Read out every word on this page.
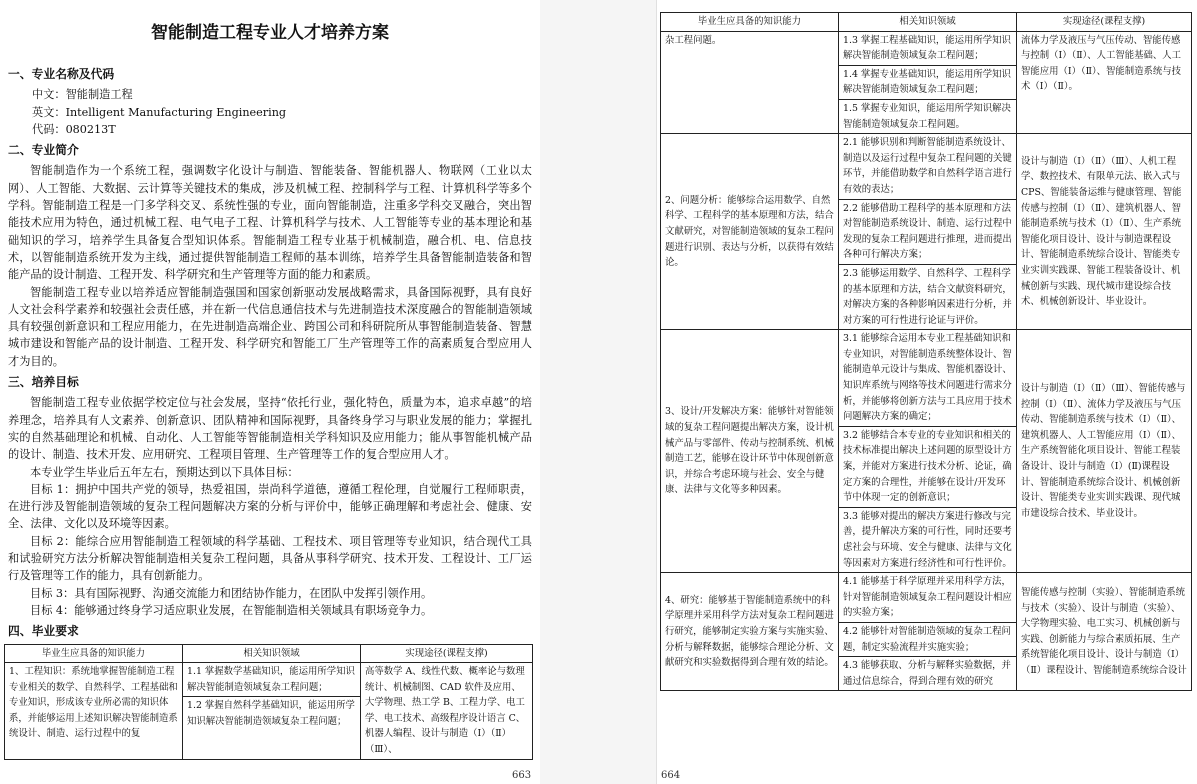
智能制造工程专业人才培养方案
一、专业名称及代码

中文：智能制造工程

英文：Intelligent Manufacturing Engineering

代码：080213T

二、专业简介

智能制造作为一个系统工程，强调数字化设计与制造、智能装备、智能机器人、物联网（工业以太网）、人工智能、大数据、云计算等关键技术的集成，涉及机械工程、控制科学与工程、计算机科学等多个学科。智能制造工程是一门多学科交叉、系统性强的专业，面向智能制造，注重多学科交叉融合，突出智能技术应用为特色，通过机械工程、电气电子工程、计算机科学与技术、人工智能等专业的基本理论和基础知识的学习，培养学生具备复合型知识体系。智能制造工程专业基于机械制造，融合机、电、信息技术，以智能制造系统开发为主线，通过提供智能制造工程师的基本训练，培养学生具备智能制造装备和智能产品的设计制造、工程开发、科学研究和生产管理等方面的能力和素质。

智能制造工程专业以培养适应智能制造强国和国家创新驱动发展战略需求，具备国际视野，具有良好人文社会科学素养和较强社会责任感，并在新一代信息通信技术与先进制造技术深度融合的智能制造领域具有较强创新意识和工程应用能力，在先进制造高端企业、跨国公司和科研院所从事智能制造装备、智慧城市建设和智能产品的设计制造、工程开发、科学研究和智能工厂生产管理等工作的高素质复合型应用人才为目的。

三、培养目标

智能制造工程专业依据学校定位与社会发展，坚持“依托行业，强化特色，质量为本，追求卓越”的培养理念，培养具有人文素养、创新意识、团队精神和国际视野，具备终身学习与职业发展的能力；掌握扎实的自然基础理论和机械、自动化、人工智能等智能制造相关学科知识及应用能力；能从事智能机械产品的设计、制造、技术开发、应用研究、工程项目管理、生产管理等工作的复合型应用人才。

本专业学生毕业后五年左右，预期达到以下具体目标：

目标 1：拥护中国共产党的领导，热爱祖国，崇尚科学道德，遵循工程伦理，自觉履行工程师职责，在进行涉及智能制造领域的复杂工程问题解决方案的分析与评价中，能够正确理解和考虑社会、健康、安全、法律、文化以及环境等因素。

目标 2：能综合应用智能制造工程领域的科学基础、工程技术、项目管理等专业知识，结合现代工具和试验研究方法分析解决智能制造相关复杂工程问题，具备从事科学研究、技术开发、工程设计、工厂运行及管理等工作的能力，具有创新能力。

目标 3：具有国际视野、沟通交流能力和团结协作能力，在团队中发挥引领作用。

目标 4：能够通过终身学习适应职业发展，在智能制造相关领域具有职场竞争力。

四、毕业要求
毕业生应具备的知识能力	相关知识领域	实现途径(课程支撑)
1、工程知识：系统地掌握智能制造工程专业相关的数学、自然科学、工程基础和专业知识，形成该专业所必需的知识体系，并能够运用上述知识解决智能制造系统设计、制造、运行过程中的复	1.1 掌握数学基础知识，能运用所学知识解决智能制造领域复杂工程问题；
1.2 掌握自然科学基础知识，能运用所学知识解决智能制造领域复杂工程问题；	高等数学 A、线性代数、概率论与数理统计、机械制图、CAD 软件及应用、大学物理、热工学 B、工程力学、电工学、电工技术、高级程序设计语言 C、机器人编程、设计与制造（Ⅰ）（Ⅱ）（Ⅲ）、
663
毕业生应具备的知识能力	相关知识领域	实现途径(课程支撑)
杂工程问题。	1.3 掌握工程基础知识，能运用所学知识解决智能制造领域复杂工程问题；
1.4 掌握专业基础知识，能运用所学知识解决智能制造领域复杂工程问题；
1.5 掌握专业知识，能运用所学知识解决智能制造领域复杂工程问题。	流体力学及液压与气压传动、智能传感与控制（Ⅰ）（Ⅱ）、人工智能基础、人工智能应用（Ⅰ）（Ⅱ）、智能制造系统与技术（Ⅰ）（Ⅱ）。
2、问题分析：能够综合运用数学、自然科学、工程科学的基本原理和方法，结合文献研究，对智能制造领域的复杂工程问题进行识别、表达与分析，以获得有效结论。	2.1 能够识别和判断智能制造系统设计、制造以及运行过程中复杂工程问题的关键环节，并能借助数学和自然科学语言进行有效的表达；
2.2 能够借助工程科学的基本原理和方法对智能制造系统设计、制造、运行过程中发现的复杂工程问题进行推理，进而提出各种可行解决方案；
2.3 能够运用数学、自然科学、工程科学的基本原理和方法，结合文献资料研究，对解决方案的各种影响因素进行分析，并对方案的可行性进行论证与评价。	设计与制造（Ⅰ）（Ⅱ）（Ⅲ）、人机工程学、数控技术、有限单元法、嵌入式与 CPS、智能装备运维与健康管理、智能传感与控制（Ⅰ）（Ⅱ）、建筑机器人、智能制造系统与技术（Ⅰ）（Ⅱ）、生产系统智能化项目设计、设计与制造课程设计、智能制造系统综合设计、智能类专业实训实践课、智能工程装备设计、机械创新与实践、现代城市建设综合技术、机械创新设计、毕业设计。
3、设计/开发解决方案：能够针对智能领域的复杂工程问题提出解决方案，设计机械产品与零部件、传动与控制系统、机械制造工艺，能够在设计环节中体现创新意识，并综合考虑环境与社会、安全与健康、法律与文化等多种因素。	3.1 能够综合运用本专业工程基础知识和专业知识，对智能制造系统整体设计、智能制造单元设计与集成、智能机器设计、知识库系统与网络等技术问题进行需求分析，并能够将创新方法与工具应用于技术问题解决方案的确定；
3.2 能够结合本专业的专业知识和相关的技术标准提出解决上述问题的原型设计方案，并能对方案进行技术分析、论证，确定方案的合理性，并能够在设计/开发环节中体现一定的创新意识；
3.3 能够对提出的解决方案进行修改与完善，提升解决方案的可行性，同时还要考虑社会与环境、安全与健康、法律与文化等因素对方案进行经济性和可行性评价。	设计与制造（Ⅰ）（Ⅱ）（Ⅲ）、智能传感与控制（Ⅰ）（Ⅱ）、流体力学及液压与气压传动、智能制造系统与技术（Ⅰ）（Ⅱ）、建筑机器人、人工智能应用（Ⅰ）（Ⅱ）、生产系统智能化项目设计、智能工程装备设计、设计与制造（Ⅰ）(Ⅱ)课程设计、智能制造系统综合设计、机械创新设计、智能类专业实训实践课、现代城市建设综合技术、毕业设计。
4、研究：能够基于智能制造系统中的科学原理并采用科学方法对复杂工程问题进行研究，能够制定实验方案与实施实验、分析与解释数据，能够综合理论分析、文献研究和实验数据得到合理有效的结论。	4.1 能够基于科学原理并采用科学方法，针对智能制造领域复杂工程问题设计相应的实验方案；
4.2 能够针对智能制造领域的复杂工程问题，制定实验流程并实施实验；
4.3 能够获取、分析与解释实验数据，并通过信息综合，得到合理有效的研究	智能传感与控制（实验）、智能制造系统与技术（实验）、设计与制造（实验）、大学物理实验、电工实习、机械创新与实践、创新能力与综合素质拓展、生产系统智能化项目设计、设计与制造（Ⅰ）（Ⅱ）课程设计、智能制造系统综合设计
664
